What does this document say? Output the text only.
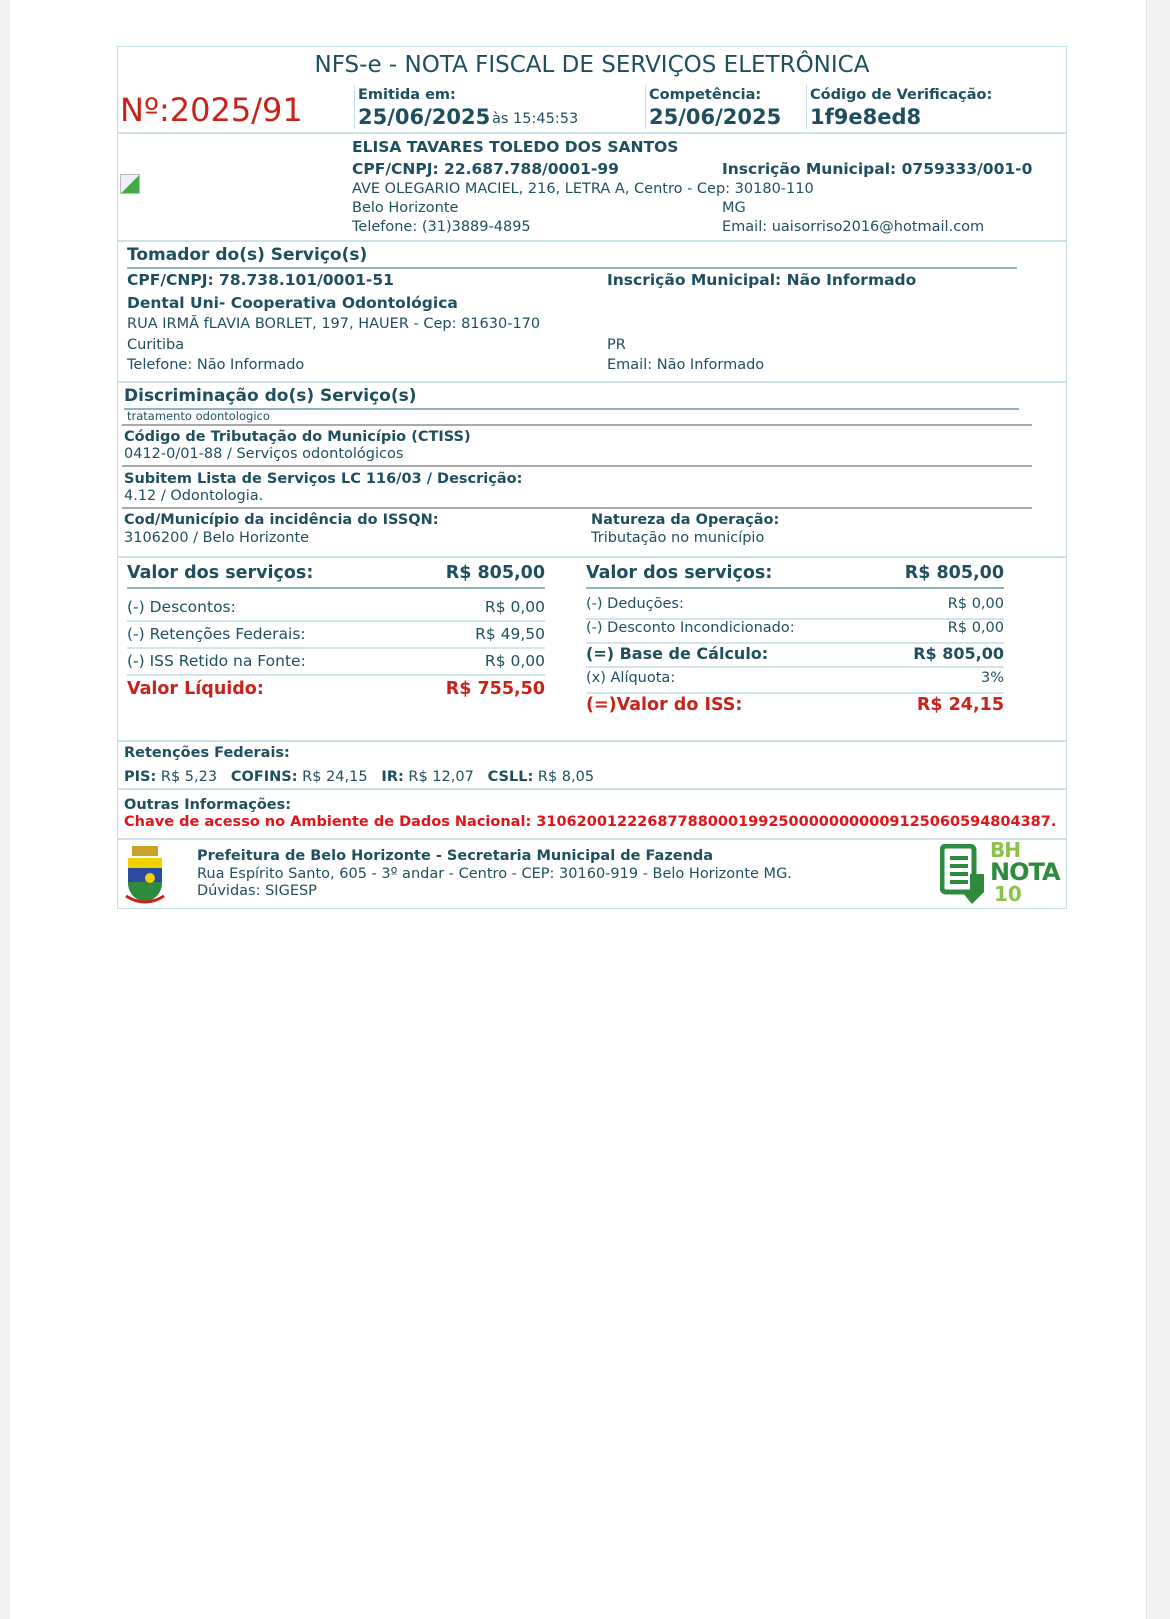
NFS-e - NOTA FISCAL DE SERVIÇOS ELETRÔNICA
Nº:2025/91	Emitida em:
25/06/2025 às 15:45:53
Competência:
25/06/2025
Código de Verificação:
1f9e8ed8
ELISA TAVARES TOLEDO DOS SANTOS
CPF/CNPJ: 22.687.788/0001-99	Inscrição Municipal: 0759333/001-0
AVE OLEGARIO MACIEL, 216, LETRA A, Centro - Cep: 30180-110
Belo Horizonte	MG
Telefone: (31)3889-4895	Email: uaisorriso2016@hotmail.com
Tomador do(s) Serviço(s)
CPF/CNPJ: 78.738.101/0001-51	Inscrição Municipal: Não Informado
Dental Uni- Cooperativa Odontológica
RUA IRMÃ fLAVIA BORLET, 197, HAUER - Cep: 81630-170
Curitiba	PR
Telefone: Não Informado	Email: Não Informado
Discriminação do(s) Serviço(s)
tratamento odontologico
Código de Tributação do Município (CTISS)
0412-0/01-88 / Serviços odontológicos
Subitem Lista de Serviços LC 116/03 / Descrição:
4.12 / Odontologia.
Cod/Município da incidência do ISSQN:
3106200 / Belo Horizonte
Natureza da Operação:
Tributação no município
Valor dos serviços:	R$ 805,00
(-) Descontos:	R$ 0,00
(-) Retenções Federais:	R$ 49,50
(-) ISS Retido na Fonte:	R$ 0,00
Valor Líquido:	R$ 755,50
Valor dos serviços:	R$ 805,00
(-) Deduções:	R$ 0,00
(-) Desconto Incondicionado:	R$ 0,00
(=) Base de Cálculo:	R$ 805,00
(x) Alíquota:	3%
(=)Valor do ISS:	R$ 24,15
Retenções Federais:
PIS: R$ 5,23 COFINS: R$ 24,15 IR: R$ 12,07 CSLL: R$ 8,05
Outras Informações:
Chave de acesso no Ambiente de Dados Nacional: 310620012226877880001992500000000009125060594804387.
Prefeitura de Belo Horizonte - Secretaria Municipal de Fazenda
Rua Espírito Santo, 605 - 3º andar - Centro - CEP: 30160-919 - Belo Horizonte MG.
Dúvidas: SIGESP
BH
NOTA
10
